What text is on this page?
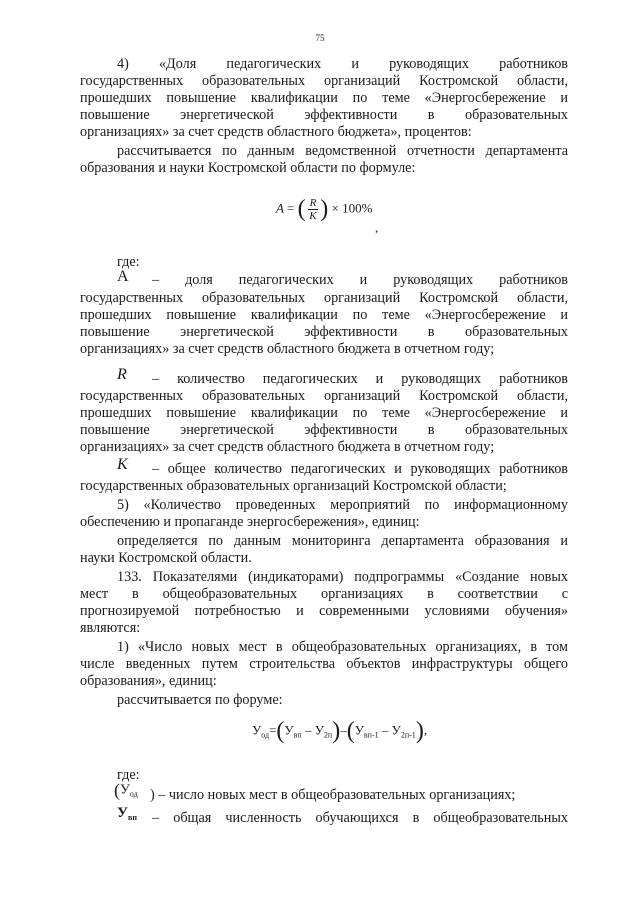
75

4) «Доля педагогических и руководящих работников

государственных образовательных организаций Костромской области,

прошедших повышение квалификации по теме «Энергосбережение и

повышение энергетической эффективности в образовательных

организациях» за счет средств областного бюджета», процентов:

рассчитывается по данным ведомственной отчетности департамента

образования и науки Костромской области по формуле:

где:

– доля педагогических и руководящих работников

государственных образовательных организаций Костромской области,

прошедших повышение квалификации по теме «Энергосбережение и

повышение энергетической эффективности в образовательных

организациях» за счет средств областного бюджета в отчетном году;

– количество педагогических и руководящих работников

государственных образовательных организаций Костромской области,

прошедших повышение квалификации по теме «Энергосбережение и

повышение энергетической эффективности в образовательных

организациях» за счет средств областного бюджета в отчетном году;

– общее количество педагогических и руководящих работников

государственных образовательных организаций Костромской области;

5) «Количество проведенных мероприятий по информационному

обеспечению и пропаганде энергосбережения», единиц:

определяется по данным мониторинга департамента образования и

науки Костромской области.

133. Показателями (индикаторами) подпрограммы «Создание новых

мест в общеобразовательных организациях в соответствии с

прогнозируемой потребностью и современными условиями обучения»

являются:

1) «Число новых мест в общеобразовательных организациях, в том

числе введенных путем строительства объектов инфраструктуры общего

образования», единиц:

рассчитывается по форуме:

где:

) – число новых мест в общеобразовательных организациях;

– общая численность обучающихся в общеобразовательных

A = ( $\frac{R}{K}$ ) × 100%
,
A
R
K
$У_{од}=(У_{вп} - У_{2п})-(У_{вп-1} - У_{2п-1})$,
($У_{од}$
$У_{вп}$
